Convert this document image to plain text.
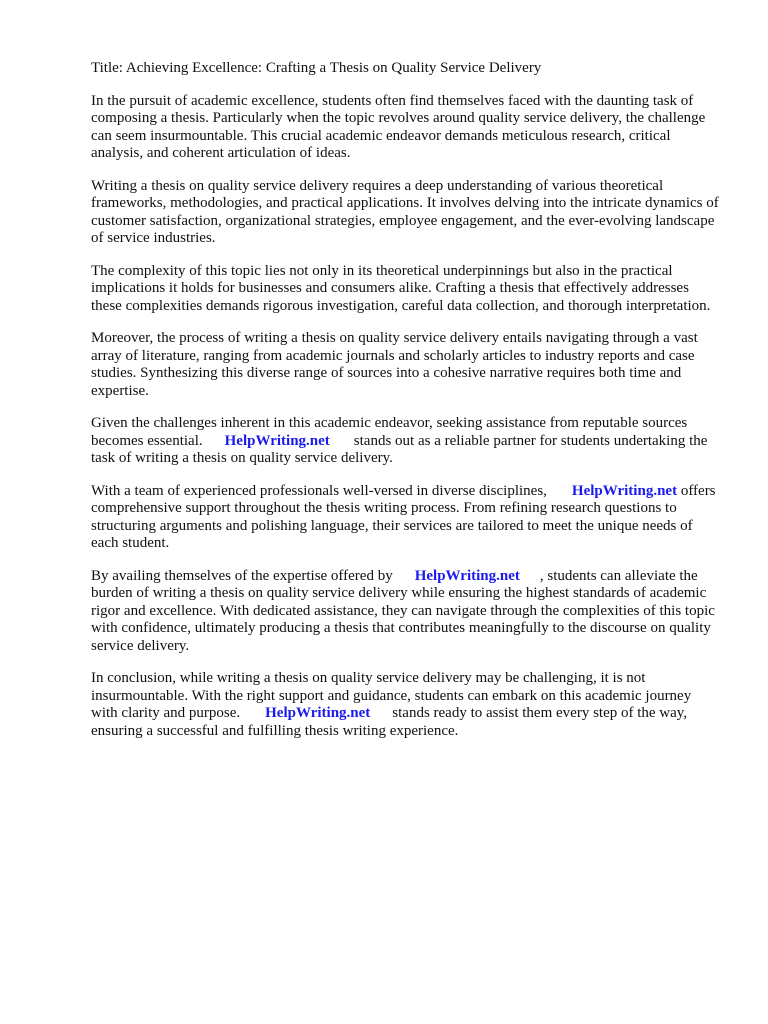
Title: Achieving Excellence: Crafting a Thesis on Quality Service Delivery

In the pursuit of academic excellence, students often find themselves faced with the daunting task of composing a thesis. Particularly when the topic revolves around quality service delivery, the challenge can seem insurmountable. This crucial academic endeavor demands meticulous research, critical analysis, and coherent articulation of ideas.

Writing a thesis on quality service delivery requires a deep understanding of various theoretical frameworks, methodologies, and practical applications. It involves delving into the intricate dynamics of customer satisfaction, organizational strategies, employee engagement, and the ever-evolving landscape of service industries.

The complexity of this topic lies not only in its theoretical underpinnings but also in the practical implications it holds for businesses and consumers alike. Crafting a thesis that effectively addresses these complexities demands rigorous investigation, careful data collection, and thorough interpretation.

Moreover, the process of writing a thesis on quality service delivery entails navigating through a vast array of literature, ranging from academic journals and scholarly articles to industry reports and case studies. Synthesizing this diverse range of sources into a cohesive narrative requires both time and expertise.

Given the challenges inherent in this academic endeavor, seeking assistance from reputable sources becomes essential. HelpWriting.net stands out as a reliable partner for students undertaking the task of writing a thesis on quality service delivery.

With a team of experienced professionals well-versed in diverse disciplines, HelpWriting.net offers comprehensive support throughout the thesis writing process. From refining research questions to structuring arguments and polishing language, their services are tailored to meet the unique needs of each student.

By availing themselves of the expertise offered by HelpWriting.net , students can alleviate the burden of writing a thesis on quality service delivery while ensuring the highest standards of academic rigor and excellence. With dedicated assistance, they can navigate through the complexities of this topic with confidence, ultimately producing a thesis that contributes meaningfully to the discourse on quality service delivery.

In conclusion, while writing a thesis on quality service delivery may be challenging, it is not insurmountable. With the right support and guidance, students can embark on this academic journey with clarity and purpose. HelpWriting.net stands ready to assist them every step of the way, ensuring a successful and fulfilling thesis writing experience.
